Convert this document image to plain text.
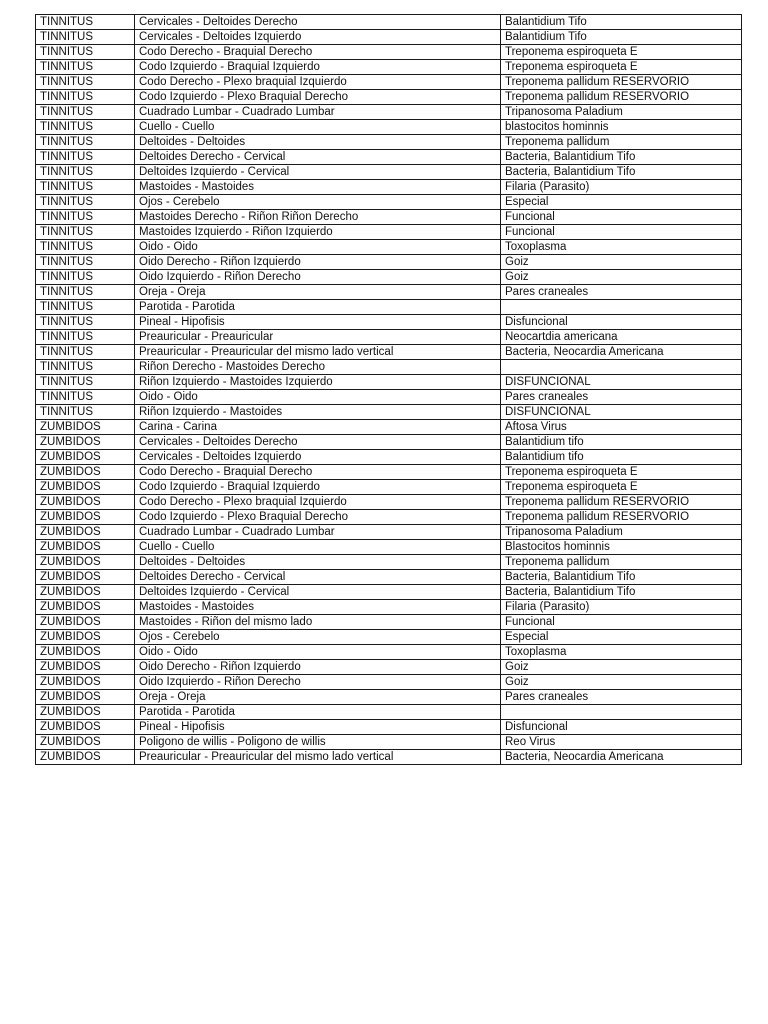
TINNITUS	Cervicales - Deltoides Derecho	Balantidium Tifo
TINNITUS	Cervicales - Deltoides Izquierdo	Balantidium Tifo
TINNITUS	Codo Derecho - Braquial Derecho	Treponema espiroqueta E
TINNITUS	Codo Izquierdo - Braquial Izquierdo	Treponema espiroqueta E
TINNITUS	Codo Derecho - Plexo braquial Izquierdo	Treponema pallidum RESERVORIO
TINNITUS	Codo Izquierdo - Plexo Braquial Derecho	Treponema pallidum RESERVORIO
TINNITUS	Cuadrado Lumbar - Cuadrado Lumbar	Tripanosoma Paladium
TINNITUS	Cuello - Cuello	blastocitos hominnis
TINNITUS	Deltoides - Deltoides	Treponema pallidum
TINNITUS	Deltoides Derecho - Cervical	Bacteria, Balantidium Tifo
TINNITUS	Deltoides Izquierdo - Cervical	Bacteria, Balantidium Tifo
TINNITUS	Mastoides - Mastoides	Filaria (Parasito)
TINNITUS	Ojos - Cerebelo	Especial
TINNITUS	Mastoides Derecho - Riñon Riñon Derecho	Funcional
TINNITUS	Mastoides Izquierdo - Riñon Izquierdo	Funcional
TINNITUS	Oido - Oido	Toxoplasma
TINNITUS	Oido Derecho - Riñon Izquierdo	Goiz
TINNITUS	Oido Izquierdo - Riñon Derecho	Goiz
TINNITUS	Oreja - Oreja	Pares craneales
TINNITUS	Parotida - Parotida	
TINNITUS	Pineal - Hipofisis	Disfuncional
TINNITUS	Preauricular - Preauricular	Neocartdia americana
TINNITUS	Preauricular - Preauricular del mismo lado vertical	Bacteria, Neocardia Americana
TINNITUS	Riñon Derecho - Mastoides Derecho	
TINNITUS	Riñon Izquierdo - Mastoides Izquierdo	DISFUNCIONAL
TINNITUS	Oido - Oido	Pares craneales
TINNITUS	Riñon Izquierdo - Mastoides	DISFUNCIONAL
ZUMBIDOS	Carina - Carina	Aftosa Virus
ZUMBIDOS	Cervicales - Deltoides Derecho	Balantidium tifo
ZUMBIDOS	Cervicales - Deltoides Izquierdo	Balantidium tifo
ZUMBIDOS	Codo Derecho - Braquial Derecho	Treponema espiroqueta E
ZUMBIDOS	Codo Izquierdo - Braquial Izquierdo	Treponema espiroqueta E
ZUMBIDOS	Codo Derecho - Plexo braquial Izquierdo	Treponema pallidum RESERVORIO
ZUMBIDOS	Codo Izquierdo - Plexo Braquial Derecho	Treponema pallidum RESERVORIO
ZUMBIDOS	Cuadrado Lumbar - Cuadrado Lumbar	Tripanosoma Paladium
ZUMBIDOS	Cuello - Cuello	Blastocitos hominnis
ZUMBIDOS	Deltoides - Deltoides	Treponema pallidum
ZUMBIDOS	Deltoides Derecho - Cervical	Bacteria, Balantidium Tifo
ZUMBIDOS	Deltoides Izquierdo - Cervical	Bacteria, Balantidium Tifo
ZUMBIDOS	Mastoides - Mastoides	Filaria (Parasito)
ZUMBIDOS	Mastoides - Riñon del mismo lado	Funcional
ZUMBIDOS	Ojos - Cerebelo	Especial
ZUMBIDOS	Oido - Oido	Toxoplasma
ZUMBIDOS	Oido Derecho - Riñon Izquierdo	Goiz
ZUMBIDOS	Oido Izquierdo - Riñon Derecho	Goiz
ZUMBIDOS	Oreja - Oreja	Pares craneales
ZUMBIDOS	Parotida - Parotida	
ZUMBIDOS	Pineal - Hipofisis	Disfuncional
ZUMBIDOS	Poligono de willis - Poligono de willis	Reo Virus
ZUMBIDOS	Preauricular - Preauricular del mismo lado vertical	Bacteria, Neocardia Americana
